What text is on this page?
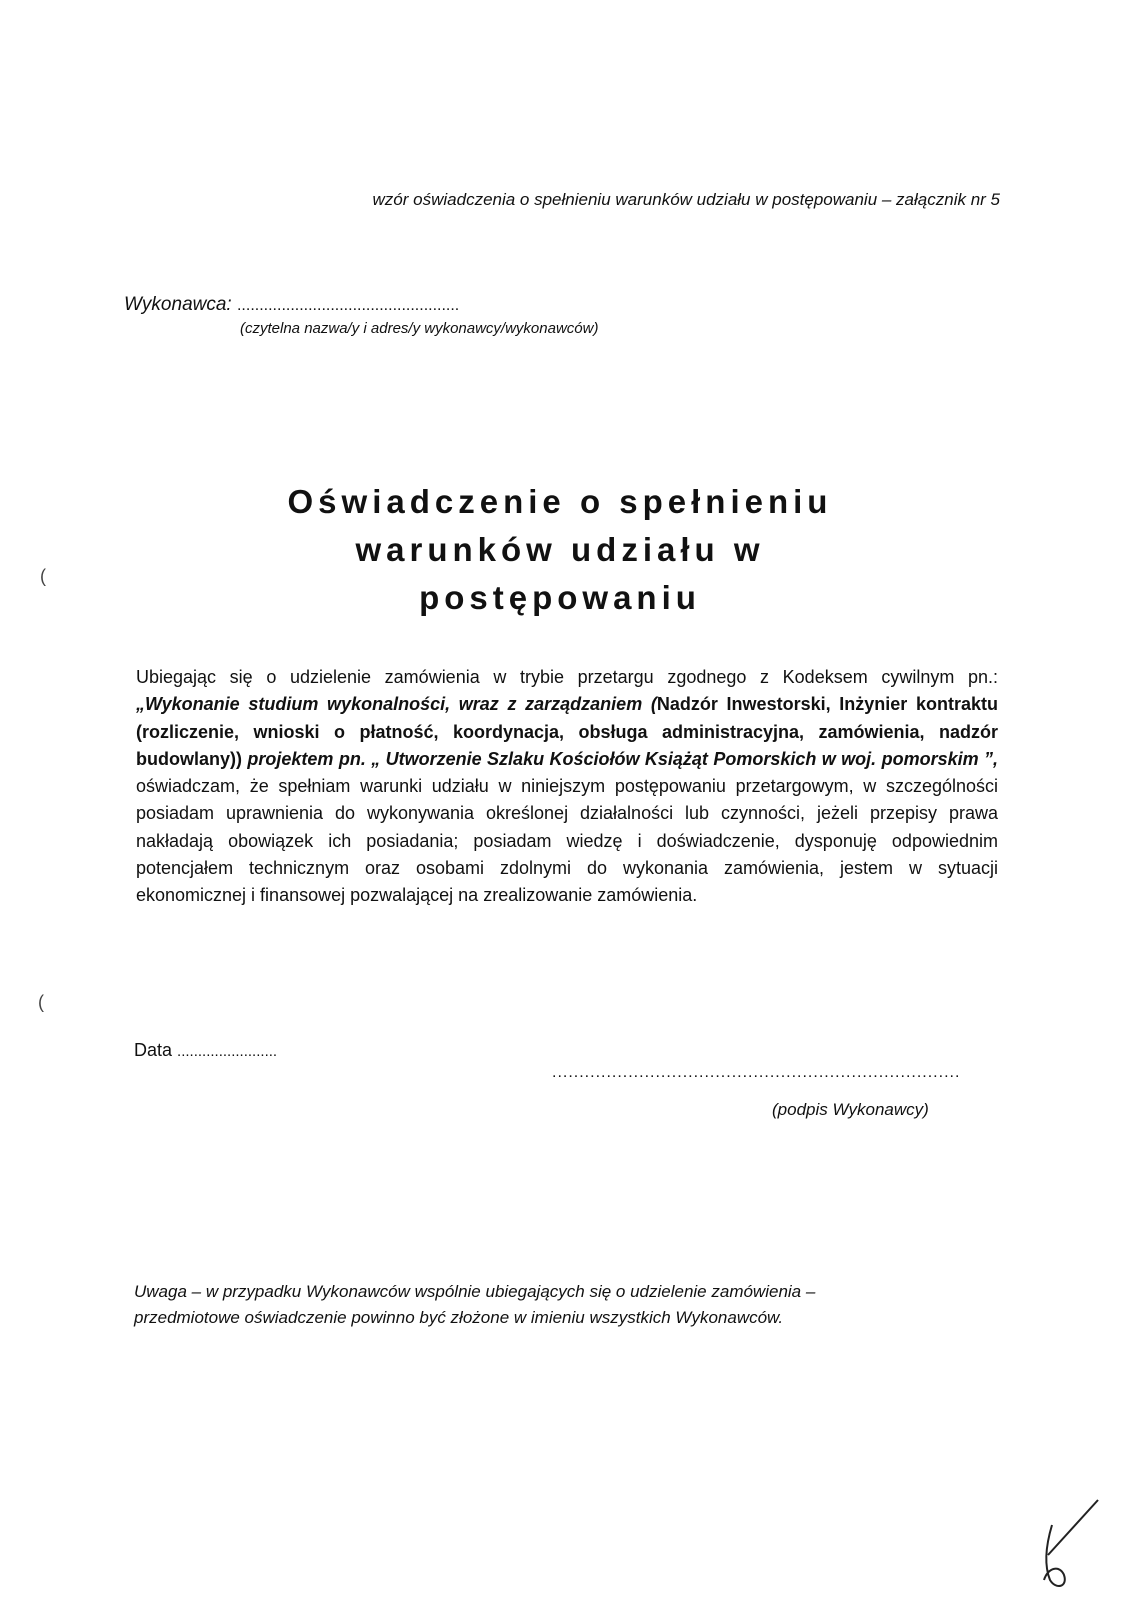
wzór oświadczenia o spełnieniu warunków udziału w postępowaniu – załącznik nr 5
Wykonawca: ..................................................
(czytelna nazwa/y i adres/y wykonawcy/wykonawców)
Oświadczenie o spełnieniu
warunków udziału w
postępowaniu
(
Ubiegając się o udzielenie zamówienia w trybie przetargu zgodnego z Kodeksem cywilnym pn.: „Wykonanie studium wykonalności, wraz z zarządzaniem (Nadzór Inwestorski, Inżynier kontraktu (rozliczenie, wnioski o płatność, koordynacja, obsługa administracyjna, zamówienia, nadzór budowlany)) projektem pn. „ Utworzenie Szlaku Kościołów Książąt Pomorskich w woj. pomorskim ”, oświadczam, że spełniam warunki udziału w niniejszym postępowaniu przetargowym, w szczególności posiadam uprawnienia do wykonywania określonej działalności lub czynności, jeżeli przepisy prawa nakładają obowiązek ich posiadania; posiadam wiedzę i doświadczenie, dysponuję odpowiednim potencjałem technicznym oraz osobami zdolnymi do wykonania zamówienia, jestem w sytuacji ekonomicznej i finansowej pozwalającej na zrealizowanie zamówienia.
(
Data ........................
...........................................................................
(podpis Wykonawcy)
Uwaga – w przypadku Wykonawców wspólnie ubiegających się o udzielenie zamówienia –
przedmiotowe oświadczenie powinno być złożone w imieniu wszystkich Wykonawców.
